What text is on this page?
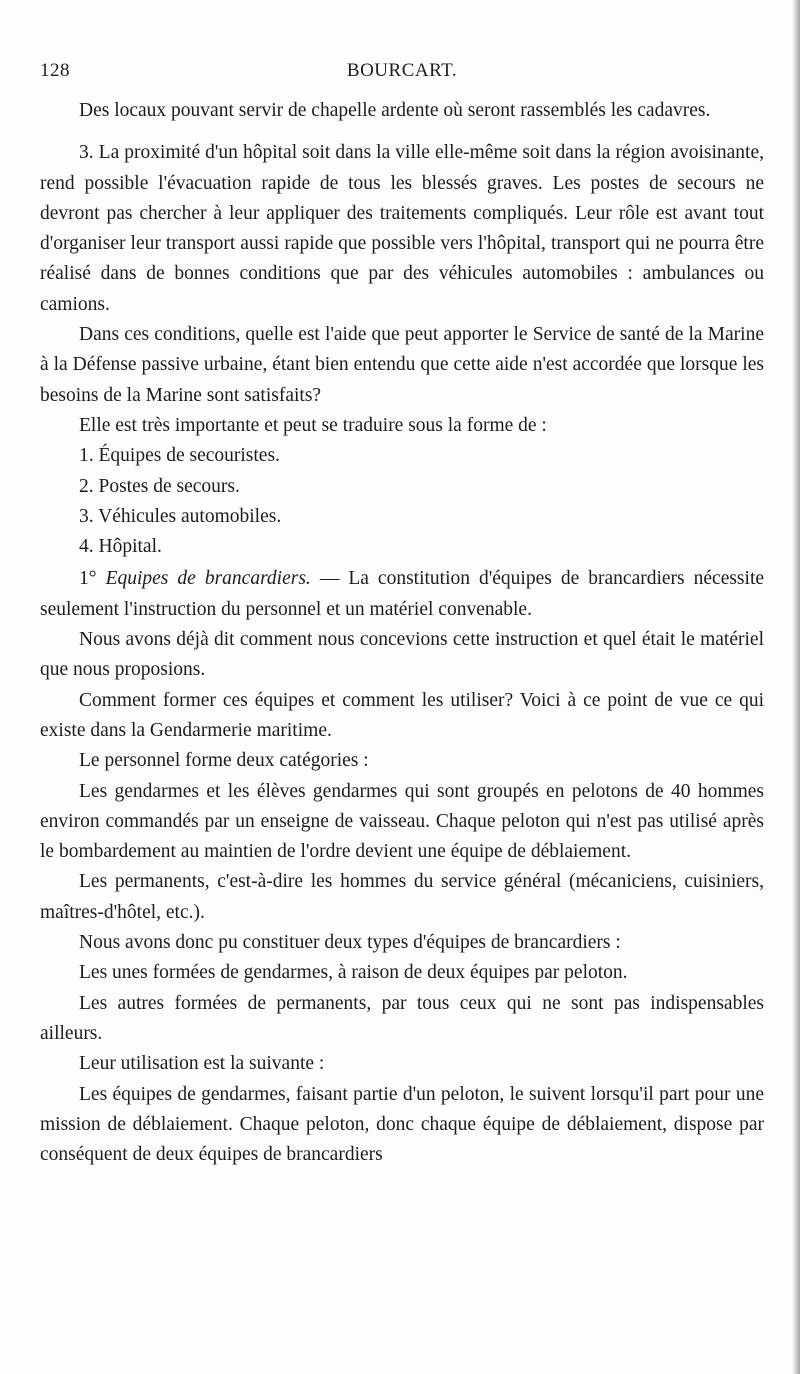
128	BOURCART.

Des locaux pouvant servir de chapelle ardente où seront rassemblés les cadavres.

3. La proximité d'un hôpital soit dans la ville elle-même soit dans la région avoisinante, rend possible l'évacuation rapide de tous les blessés graves. Les postes de secours ne devront pas chercher à leur appliquer des traitements compliqués. Leur rôle est avant tout d'organiser leur transport aussi rapide que possible vers l'hôpital, transport qui ne pourra être réalisé dans de bonnes conditions que par des véhicules automobiles : ambulances ou camions.

Dans ces conditions, quelle est l'aide que peut apporter le Service de santé de la Marine à la Défense passive urbaine, étant bien entendu que cette aide n'est accordée que lorsque les besoins de la Marine sont satisfaits?

Elle est très importante et peut se traduire sous la forme de :

1. Équipes de secouristes.
2. Postes de secours.
3. Véhicules automobiles.
4. Hôpital.

1° Equipes de brancardiers. — La constitution d'équipes de brancardiers nécessite seulement l'instruction du personnel et un matériel convenable.

Nous avons déjà dit comment nous concevions cette instruction et quel était le matériel que nous proposions.

Comment former ces équipes et comment les utiliser? Voici à ce point de vue ce qui existe dans la Gendarmerie maritime.

Le personnel forme deux catégories :

Les gendarmes et les élèves gendarmes qui sont groupés en pelotons de 40 hommes environ commandés par un enseigne de vaisseau. Chaque peloton qui n'est pas utilisé après le bombardement au maintien de l'ordre devient une équipe de déblaiement.

Les permanents, c'est-à-dire les hommes du service général (mécaniciens, cuisiniers, maîtres-d'hôtel, etc.).

Nous avons donc pu constituer deux types d'équipes de brancardiers :

Les unes formées de gendarmes, à raison de deux équipes par peloton.

Les autres formées de permanents, par tous ceux qui ne sont pas indispensables ailleurs.

Leur utilisation est la suivante :

Les équipes de gendarmes, faisant partie d'un peloton, le suivent lorsqu'il part pour une mission de déblaiement. Chaque peloton, donc chaque équipe de déblaiement, dispose par conséquent de deux équipes de brancardiers
